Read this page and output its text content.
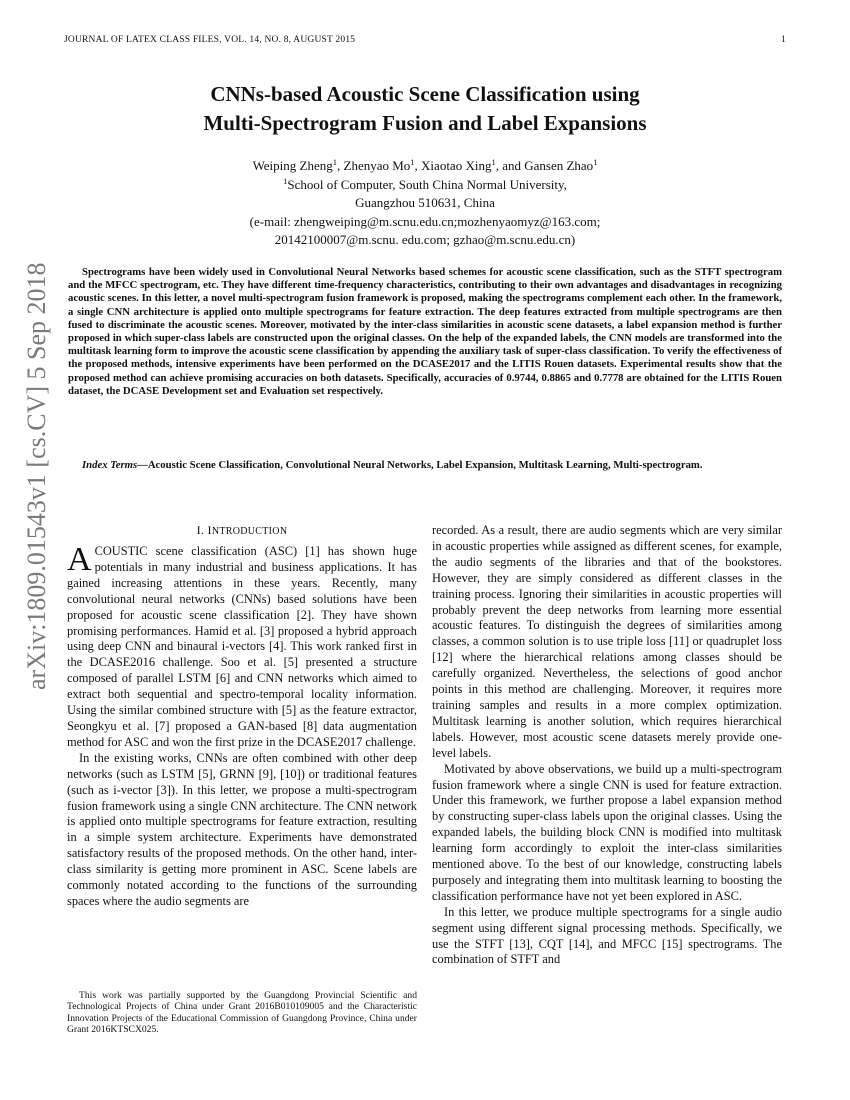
JOURNAL OF LATEX CLASS FILES, VOL. 14, NO. 8, AUGUST 2015	1
arXiv:1809.01543v1 [cs.CV] 5 Sep 2018

CNNs-based Acoustic Scene Classification using
Multi-Spectrogram Fusion and Label Expansions

Weiping Zheng$^1$, Zhenyao Mo$^1$, Xiaotao Xing$^1$, and Gansen Zhao$^1$
$^1$School of Computer, South China Normal University,
Guangzhou 510631, China
(e-mail: zhengweiping@m.scnu.edu.cn;mozhenyaomyz@163.com;
20142100007@m.scnu. edu.com; gzhao@m.scnu.edu.cn)
Spectrograms have been widely used in Convolutional Neural Networks based schemes for acoustic scene classification, such as the STFT spectrogram and the MFCC spectrogram, etc. They have different time-frequency characteristics, contributing to their own advantages and disadvantages in recognizing acoustic scenes. In this letter, a novel multi-spectrogram fusion framework is proposed, making the spectrograms complement each other. In the framework, a single CNN architecture is applied onto multiple spectrograms for feature extraction. The deep features extracted from multiple spectrograms are then fused to discriminate the acoustic scenes. Moreover, motivated by the inter-class similarities in acoustic scene datasets, a label expansion method is further proposed in which super-class labels are constructed upon the original classes. On the help of the expanded labels, the CNN models are transformed into the multitask learning form to improve the acoustic scene classification by appending the auxiliary task of super-class classification. To verify the effectiveness of the proposed methods, intensive experiments have been performed on the DCASE2017 and the LITIS Rouen datasets. Experimental results show that the proposed method can achieve promising accuracies on both datasets. Specifically, accuracies of 0.9744, 0.8865 and 0.7778 are obtained for the LITIS Rouen dataset, the DCASE Development set and Evaluation set respectively.
Index Terms—Acoustic Scene Classification, Convolutional Neural Networks, Label Expansion, Multitask Learning, Multi-spectrogram.
I. INTRODUCTION

ACOUSTIC scene classification (ASC) [1] has shown huge potentials in many industrial and business applications. It has gained increasing attentions in these years. Recently, many convolutional neural networks (CNNs) based solutions have been proposed for acoustic scene classification [2]. They have shown promising performances. Hamid et al. [3] proposed a hybrid approach using deep CNN and binaural i-vectors [4]. This work ranked first in the DCASE2016 challenge. Soo et al. [5] presented a structure composed of parallel LSTM [6] and CNN networks which aimed to extract both sequential and spectro-temporal locality information. Using the similar combined structure with [5] as the feature extractor, Seongkyu et al. [7] proposed a GAN-based [8] data augmentation method for ASC and won the first prize in the DCASE2017 challenge.

In the existing works, CNNs are often combined with other deep networks (such as LSTM [5], GRNN [9], [10]) or traditional features (such as i-vector [3]). In this letter, we propose a multi-spectrogram fusion framework using a single CNN architecture. The CNN network is applied onto multiple spectrograms for feature extraction, resulting in a simple system architecture. Experiments have demonstrated satisfactory results of the proposed methods. On the other hand, inter-class similarity is getting more prominent in ASC. Scene labels are commonly notated according to the functions of the surrounding spaces where the audio segments are

This work was partially supported by the Guangdong Provincial Scientific and Technological Projects of China under Grant 2016B010109005 and the Characteristic Innovation Projects of the Educational Commission of Guangdong Province, China under Grant 2016KTSCX025.

recorded. As a result, there are audio segments which are very similar in acoustic properties while assigned as different scenes, for example, the audio segments of the libraries and that of the bookstores. However, they are simply considered as different classes in the training process. Ignoring their similarities in acoustic properties will probably prevent the deep networks from learning more essential acoustic features. To distinguish the degrees of similarities among classes, a common solution is to use triple loss [11] or quadruplet loss [12] where the hierarchical relations among classes should be carefully organized. Nevertheless, the selections of good anchor points in this method are challenging. Moreover, it requires more training samples and results in a more complex optimization. Multitask learning is another solution, which requires hierarchical labels. However, most acoustic scene datasets merely provide one-level labels.

Motivated by above observations, we build up a multi-spectrogram fusion framework where a single CNN is used for feature extraction. Under this framework, we further propose a label expansion method by constructing super-class labels upon the original classes. Using the expanded labels, the building block CNN is modified into multitask learning form accordingly to exploit the inter-class similarities mentioned above. To the best of our knowledge, constructing labels purposely and integrating them into multitask learning to boosting the classification performance have not yet been explored in ASC.

In this letter, we produce multiple spectrograms for a single audio segment using different signal processing methods. Specifically, we use the STFT [13], CQT [14], and MFCC [15] spectrograms. The combination of STFT and
